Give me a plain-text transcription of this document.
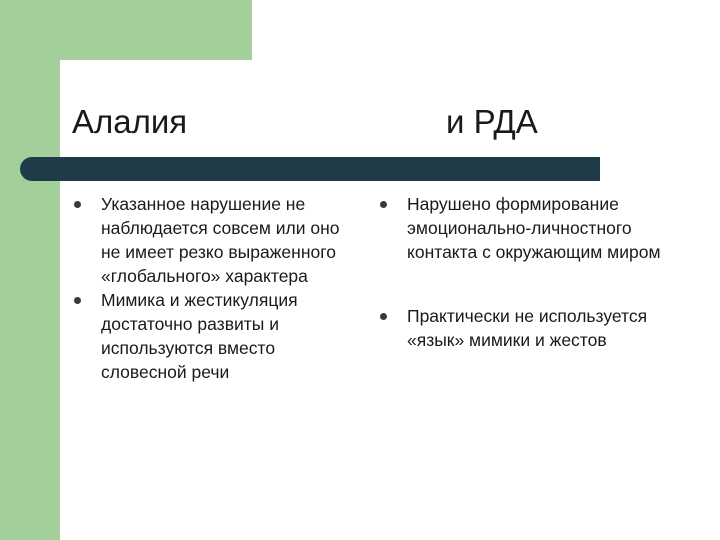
Алалия	и РДА
Указанное нарушение не наблюдается совсем или оно не имеет резко выраженного «глобального» характера
Мимика и жестикуляция достаточно развиты и используются вместо словесной речи
Нарушено формирование эмоционально-личностного контакта с окружающим миром
Практически не используется «язык» мимики и жестов
